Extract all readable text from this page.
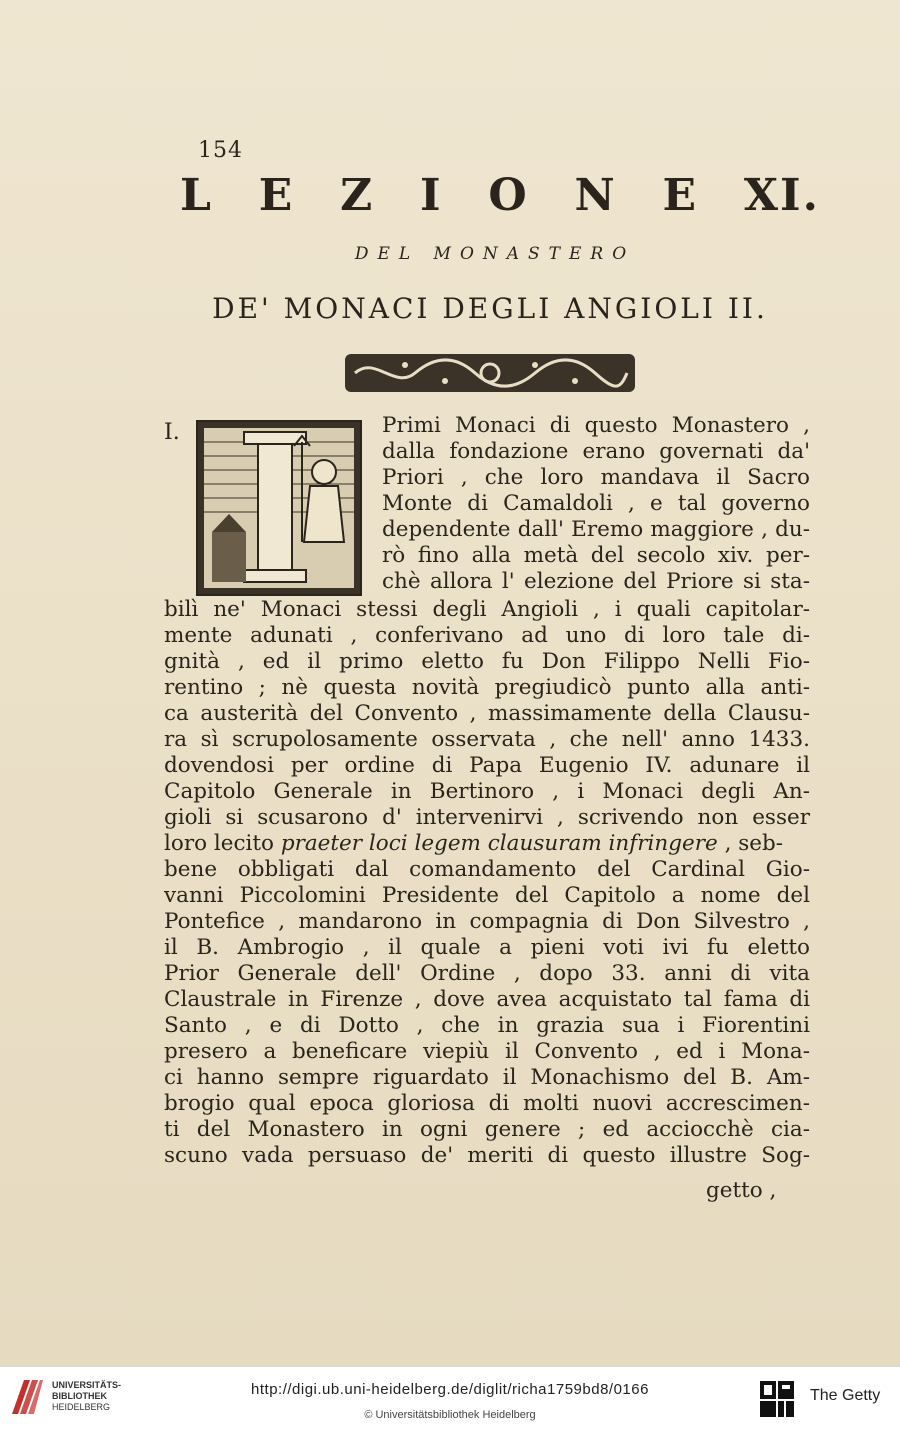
154
L E Z I O N E XI.
DEL MONASTERO
DE' MONACI DEGLI ANGIOLI II.
I.	Primi Monaci di questo Monastero ,
dalla fondazione erano governati da'
Priori , che loro mandava il Sacro
Monte di Camaldoli , e tal governo
dependente dall' Eremo maggiore , du-
rò fino alla metà del secolo xiv. per-
chè allora l' elezione del Priore si sta-
bilì ne' Monaci stessi degli Angioli , i quali capitolar-
mente adunati , conferivano ad uno di loro tale di-
gnità , ed il primo eletto fu Don Filippo Nelli Fio-
rentino ; nè questa novità pregiudicò punto alla anti-
ca austerità del Convento , massimamente della Clausu-
ra sì scrupolosamente osservata , che nell' anno 1433.
dovendosi per ordine di Papa Eugenio IV. adunare il
Capitolo Generale in Bertinoro , i Monaci degli An-
gioli si scusarono d' intervenirvi , scrivendo non esser
loro lecito praeter loci legem clausuram infringere , seb-
bene obbligati dal comandamento del Cardinal Gio-
vanni Piccolomini Presidente del Capitolo a nome del
Pontefice , mandarono in compagnia di Don Silvestro ,
il B. Ambrogio , il quale a pieni voti ivi fu eletto
Prior Generale dell' Ordine , dopo 33. anni di vita
Claustrale in Firenze , dove avea acquistato tal fama di
Santo , e di Dotto , che in grazia sua i Fiorentini
presero a beneficare viepiù il Convento , ed i Mona-
ci hanno sempre riguardato il Monachismo del B. Am-
brogio qual epoca gloriosa di molti nuovi accrescimen-
ti del Monastero in ogni genere ; ed acciocchè cia-
scuno vada persuaso de' meriti di questo illustre Sog-
getto ,
UNIVERSITÄTS-
BIBLIOTHEK
HEIDELBERG
http://digi.ub.uni-heidelberg.de/diglit/richa1759bd8/0166
© Universitätsbibliothek Heidelberg
The Getty
